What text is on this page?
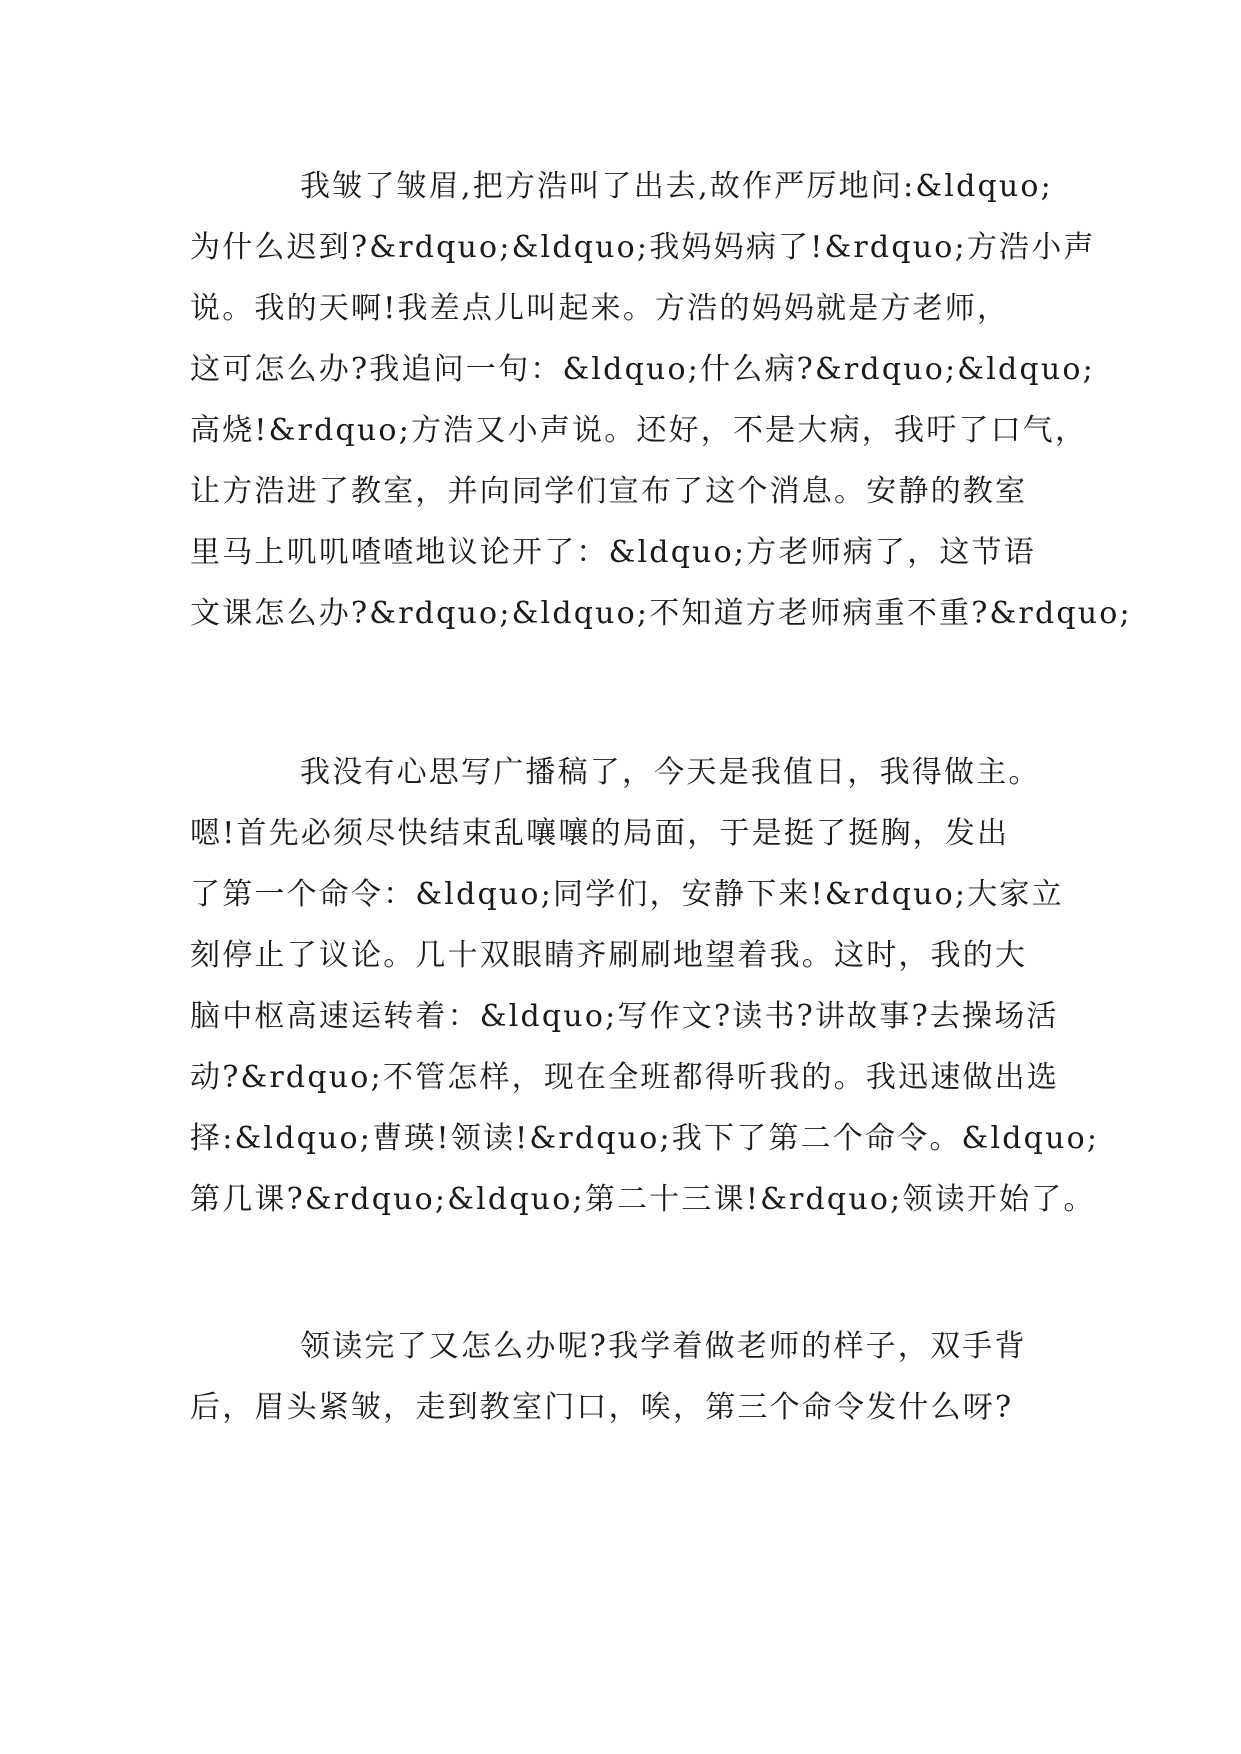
我皱了皱眉,把方浩叫了出去,故作严厉地问:&ldquo;
为什么迟到?&rdquo;&ldquo;我妈妈病了!&rdquo;方浩小声
说。我的天啊!我差点儿叫起来。方浩的妈妈就是方老师，
这可怎么办?我追问一句：&ldquo;什么病?&rdquo;&ldquo;
高烧!&rdquo;方浩又小声说。还好，不是大病，我吁了口气，
让方浩进了教室，并向同学们宣布了这个消息。安静的教室
里马上叽叽喳喳地议论开了：&ldquo;方老师病了，这节语
文课怎么办?&rdquo;&ldquo;不知道方老师病重不重?&rdquo;
我没有心思写广播稿了，今天是我值日，我得做主。
嗯!首先必须尽快结束乱嚷嚷的局面，于是挺了挺胸，发出
了第一个命令：&ldquo;同学们，安静下来!&rdquo;大家立
刻停止了议论。几十双眼睛齐刷刷地望着我。这时，我的大
脑中枢高速运转着：&ldquo;写作文?读书?讲故事?去操场活
动?&rdquo;不管怎样，现在全班都得听我的。我迅速做出选
择:&ldquo;曹瑛!领读!&rdquo;我下了第二个命令。&ldquo;
第几课?&rdquo;&ldquo;第二十三课!&rdquo;领读开始了。
领读完了又怎么办呢?我学着做老师的样子，双手背
后，眉头紧皱，走到教室门口，唉，第三个命令发什么呀?
